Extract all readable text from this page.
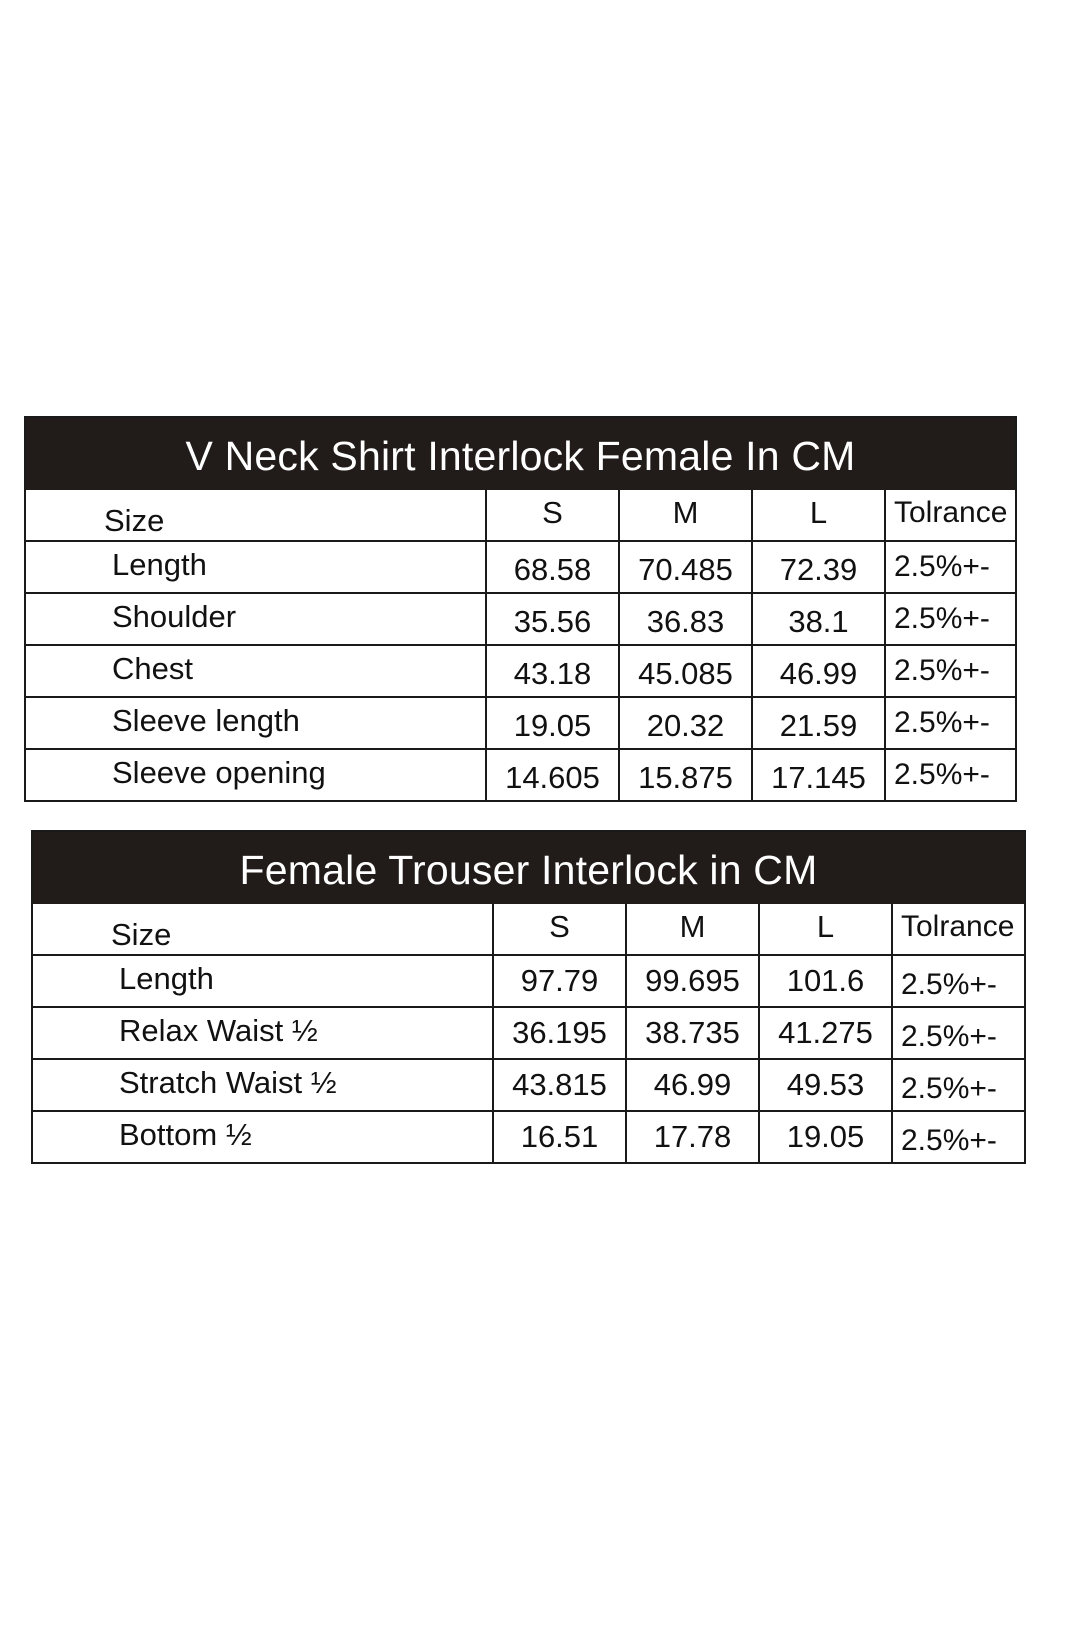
V Neck Shirt Interlock Female In CM
Size	S	M	L	Tolrance
Length	68.58	70.485	72.39	2.5%+-
Shoulder	35.56	36.83	38.1	2.5%+-
Chest	43.18	45.085	46.99	2.5%+-
Sleeve length	19.05	20.32	21.59	2.5%+-
Sleeve opening	14.605	15.875	17.145 2.5%+-
Female Trouser Interlock in CM
Size	S	M	L	Tolrance
Length	97.79	99.695	101.6	2.5%+-
Relax Waist ½	36.195	38.735	41.275 2.5%+-
Stratch Waist ½	43.815	46.99	49.53	2.5%+-
Bottom ½	16.51	17.78	19.05	2.5%+-
